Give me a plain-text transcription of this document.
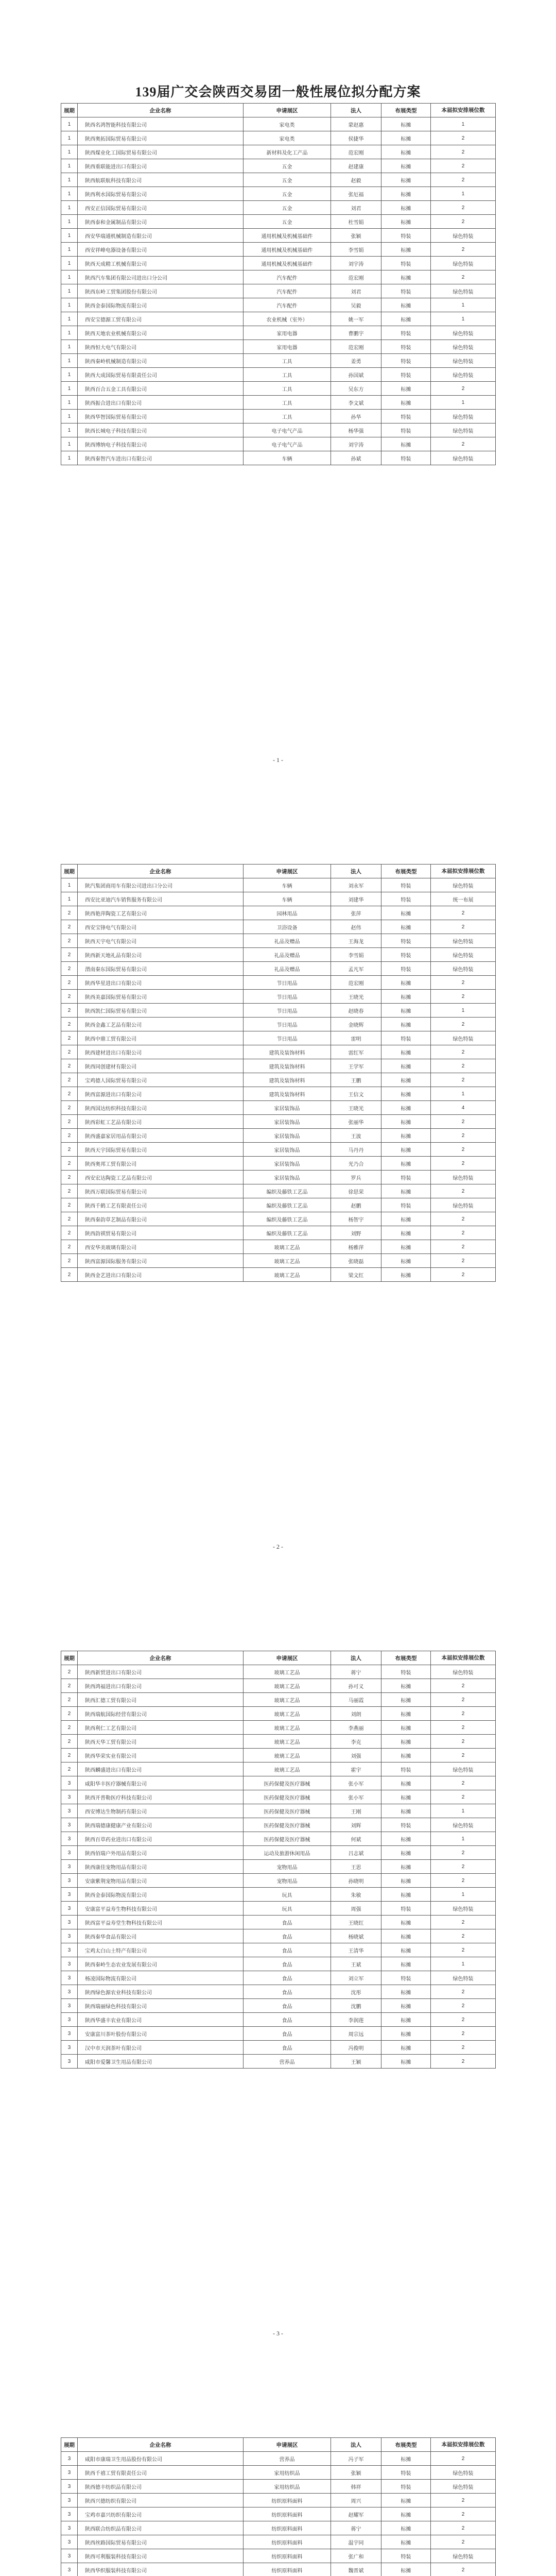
139届广交会陕西交易团一般性展位拟分配方案
展期	企业名称	申请展区	法人	布展类型	本届拟安排展位数
1	陕西名鸿智能科技有限公司	家电类	蒙赵惠	标摊	1
1	陕西奥拓国际贸易有限公司	家电类	侯捷华	标摊	2
1	陕西煤业化工国际贸易有限公司	新材料及化工产品	范宏刚	标摊	2
1	陕西重联能进出口有限公司	五金	赵建康	标摊	2
1	陕西航联航科技有限公司	五金	赵毅	标摊	2
1	陕西利水国际贸易有限公司	五金	张厄福	标摊	1
1	西安正信国际贸易有限公司	五金	刘君	标摊	2
1	陕西泰和金属制品有限公司	五金	杜雪娟	标摊	2
1	西安华瑞通机械制造有限公司	通用机械及机械基础件	张颖	特装	绿色特装
1	西安祥峰电器设备有限公司	通用机械及机械基础件	李雪娟	标摊	2
1	陕西天成精工机械有限公司	通用机械及机械基础件	刘宇涛	特装	绿色特装
1	陕西汽车集团有限公司进出口分公司	汽车配件	范宏刚	标摊	2
1	陕西东岭工贸集团股份有限公司	汽车配件	刘君	特装	绿色特装
1	陕西金泰国际物流有限公司	汽车配件	吴毅	标摊	1
1	西安宝德源工贸有限公司	农业机械（室外）	姚一军	标摊	1
1	陕西天地农业机械有限公司	家用电器	曹鹏宇	特装	绿色特装
1	陕西恒大电气有限公司	家用电器	范宏刚	特装	绿色特装
1	陕西秦岭机械制造有限公司	工具	姜勇	特装	绿色特装
1	陕西大成国际贸易有限责任公司	工具	孙国斌	特装	绿色特装
1	陕西百合五金工具有限公司	工具	吴东方	标摊	2
1	陕西振合进出口有限公司	工具	李文斌	标摊	1
1	陕西华智国际贸易有限公司	工具	孙华	特装	绿色特装
1	陕西长城电子科技有限公司	电子电气产品	杨华强	特装	绿色特装
1	陕西博纳电子科技有限公司	电子电气产品	刘宇涛	标摊	2
1	陕西秦智汽车进出口有限公司	车辆	孙斌	特装	绿色特装
- 1 -
展期	企业名称	申请展区	法人	布展类型	本届拟安排展位数
1	陕汽集团商用车有限公司进出口分公司	车辆	刘永军	特装	绿色特装
1	西安比亚迪汽车销售服务有限公司	车辆	刘建华	特装	统一布展
2	陕西艳萍陶瓷工艺有限公司	园林用品	张萍	标摊	2
2	西安宝锋电气有限公司	卫浴设备	赵伟	标摊	2
2	陕西天宇电气有限公司	礼品及赠品	王海龙	特装	绿色特装
2	陕西新天地礼品有限公司	礼品及赠品	李雪娟	特装	绿色特装
2	渭南秦东国际贸易有限公司	礼品及赠品	孟凡军	特装	绿色特装
2	陕西华星进出口有限公司	节日用品	范宏刚	标摊	2
2	陕西美嘉国际贸易有限公司	节日用品	王晓光	标摊	2
2	陕西凯仁国际贸易有限公司	节日用品	赵晓春	标摊	1
2	陕西金鑫工艺品有限公司	节日用品	金晓辉	标摊	2
2	陕西中鼎工贸有限公司	节日用品	雷明	特装	绿色特装
2	陕西建材进出口有限公司	建筑及装饰材料	雷红军	标摊	2
2	陕西同创建材有限公司	建筑及装饰材料	王学军	标摊	2
2	宝鸡德人国际贸易有限公司	建筑及装饰材料	王鹏	标摊	2
2	陕西富源进出口有限公司	建筑及装饰材料	王信文	标摊	1
2	陕西国达纺织科技有限公司	家居装饰品	王晓光	标摊	4
2	陕西彩虹工艺品有限公司	家居装饰品	张丽华	标摊	2
2	陕西盛嘉家居用品有限公司	家居装饰品	王波	标摊	2
2	陕西天宇国际贸易有限公司	家居装饰品	马丹丹	标摊	2
2	陕西奥邦工贸有限公司	家居装饰品	光乃合	标摊	2
2	西安宏达陶瓷工艺品有限公司	家居装饰品	罗兵	特装	绿色特装
2	陕西万联国际贸易有限公司	编织及藤铁工艺品	徐思荣	标摊	2
2	陕西千鹤工艺有限责任公司	编织及藤铁工艺品	赵鹏	特装	绿色特装
2	陕西秦韵草艺制品有限公司	编织及藤铁工艺品	杨智宇	标摊	2
2	陕西韵祺贸易有限公司	编织及藤铁工艺品	刘野	标摊	2
2	西安华美玻璃有限公司	玻璃工艺品	杨雅萍	标摊	2
2	陕西富源国际服务有限公司	玻璃工艺品	张晓磊	标摊	2
2	陕西金艺进出口有限公司	玻璃工艺品	梁文红	标摊	2
- 2 -
展期	企业名称	申请展区	法人	布展类型	本届拟安排展位数
2	陕西新贸进出口有限公司	玻璃工艺品	蒋宁	特装	绿色特装
2	陕西鸿福进出口有限公司	玻璃工艺品	孙可义	标摊	2
2	陕西汇德工贸有限公司	玻璃工艺品	马丽霞	标摊	2
2	陕西瑞航国际经营有限公司	玻璃工艺品	刘朗	标摊	2
2	陕西利仁工艺有限公司	玻璃工艺品	李燕丽	标摊	2
2	陕西天华工贸有限公司	玻璃工艺品	李克	标摊	2
2	陕西华荣实业有限公司	玻璃工艺品	刘强	标摊	2
2	陕西麟盛进出口有限公司	玻璃工艺品	霍宇	特装	绿色特装
3	咸阳华丰医疗器械有限公司	医药保健及医疗器械	张小军	标摊	2
3	陕西开普勒医疗科技有限公司	医药保健及医疗器械	张小军	标摊	2
3	西安博达生物制药有限公司	医药保健及医疗器械	王刚	标摊	1
3	陕西瑞德康健康产业有限公司	医药保健及医疗器械	刘辉	特装	绿色特装
3	陕西百草药业进出口有限公司	医药保健及医疗器械	何斌	标摊	1
3	陕西佰瑞户外用品有限公司	运动及旅游休闲用品	吕志斌	标摊	2
3	陕西康佳宠物用品有限公司	宠物用品	王思	标摊	2
3	安康紫荆宠物用品有限公司	宠物用品	孙晓明	标摊	2
3	陕西金泰国际物流有限公司	玩具	朱敏	标摊	1
3	安康富平益寿生物科技有限公司	玩具	周强	特装	绿色特装
3	陕西富平益寿堂生物科技有限公司	食品	王晓红	标摊	2
3	陕西秦华食品有限公司	食品	杨晓斌	标摊	2
3	宝鸡太白山土特产有限公司	食品	王清华	标摊	2
3	陕西秦岭生态农业发展有限公司	食品	王斌	标摊	1
3	杨凌国际物流有限公司	食品	刘立军	特装	绿色特装
3	陕西绿色源农业科技有限公司	食品	沈彤	标摊	2
3	陕西瑞丽绿色科技有限公司	食品	沈鹏	标摊	2
3	陕西华盛丰农业有限公司	食品	李润莲	标摊	2
3	安康富川茶叶股份有限公司	食品	周宗远	标摊	2
3	汉中市天润茶叶有限公司	食品	冯俊明	标摊	2
3	咸阳市爱馨卫生用品有限公司	营养品	王颖	标摊	2
- 3 -
展期	企业名称	申请展区	法人	布展类型	本届拟安排展位数
3	咸阳市康瑞卫生用品股份有限公司	营养品	冯子军	标摊	2
3	陕西千禧工贸有限责任公司	家用纺织品	张颖	特装	绿色特装
3	陕西德丰纺织品有限公司	家用纺织品	韩祥	特装	绿色特装
3	陕西兴德纺织有限公司	纺织原料面料	周兴	标摊	2
3	宝鸡市嘉兴纺织有限公司	纺织原料面料	赵耀军	标摊	2
3	陕西联合纺织品有限公司	纺织原料面料	蒋宁	标摊	2
3	陕西丝路国际贸易有限公司	纺织原料面料	温宇同	标摊	2
3	陕西可利服装科技有限公司	纺织原料面料	张广和	特装	绿色特装
3	陕西华织服装科技有限公司	纺织原料面料	魏晋斌	标摊	2
